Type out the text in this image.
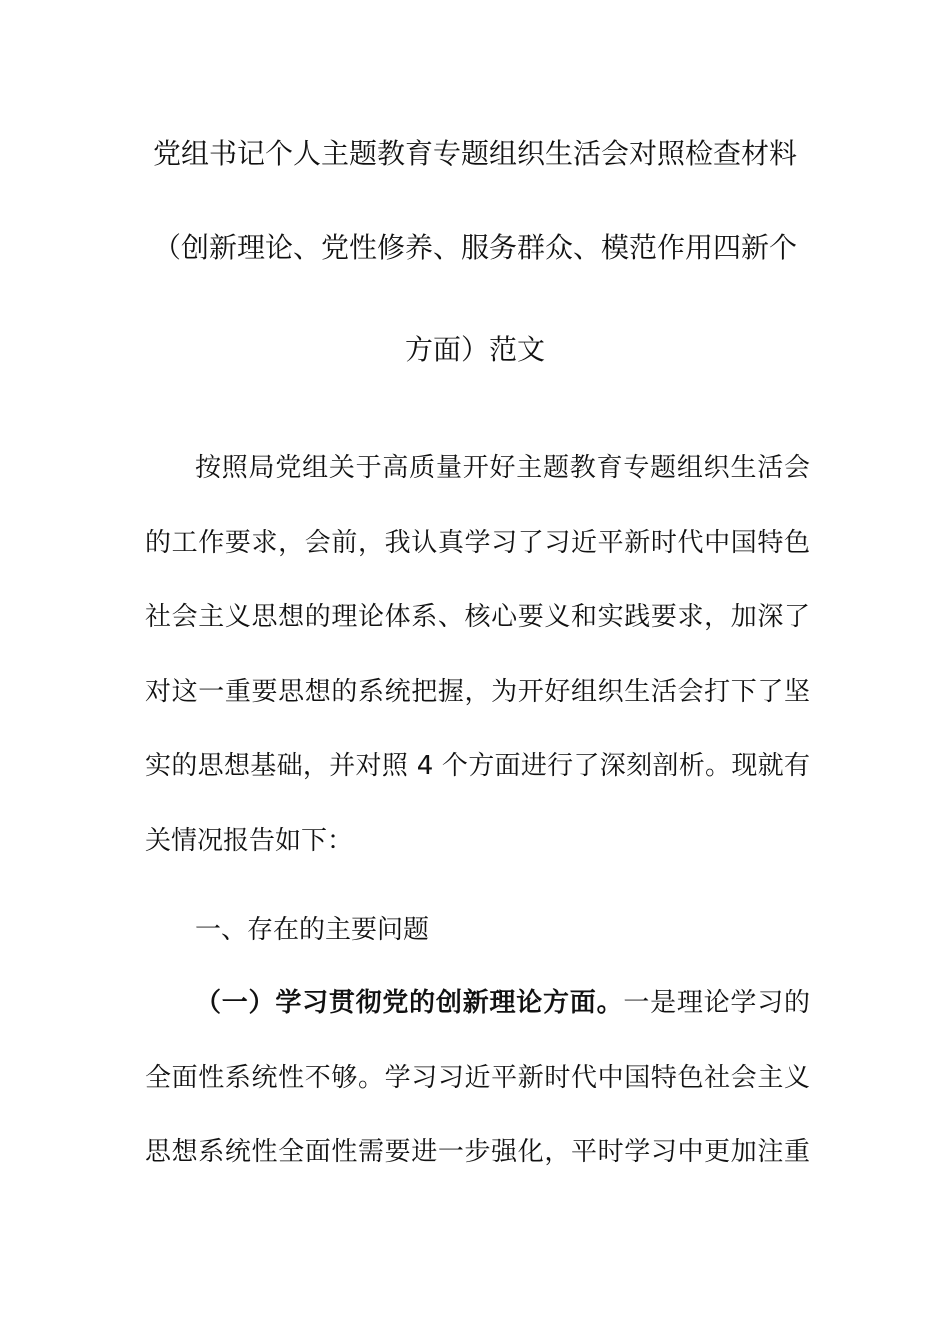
党组书记个人主题教育专题组织生活会对照检查材料
（创新理论、党性修养、服务群众、模范作用四新个
方面）范文
按照局党组关于高质量开好主题教育专题组织生活会
的工作要求，会前，我认真学习了习近平新时代中国特色
社会主义思想的理论体系、核心要义和实践要求，加深了
对这一重要思想的系统把握，为开好组织生活会打下了坚
实的思想基础，并对照 4 个方面进行了深刻剖析。现就有
关情况报告如下：
一、存在的主要问题
（一）学习贯彻党的创新理论方面。一是理论学习的
全面性系统性不够。学习习近平新时代中国特色社会主义
思想系统性全面性需要进一步强化，平时学习中更加注重
